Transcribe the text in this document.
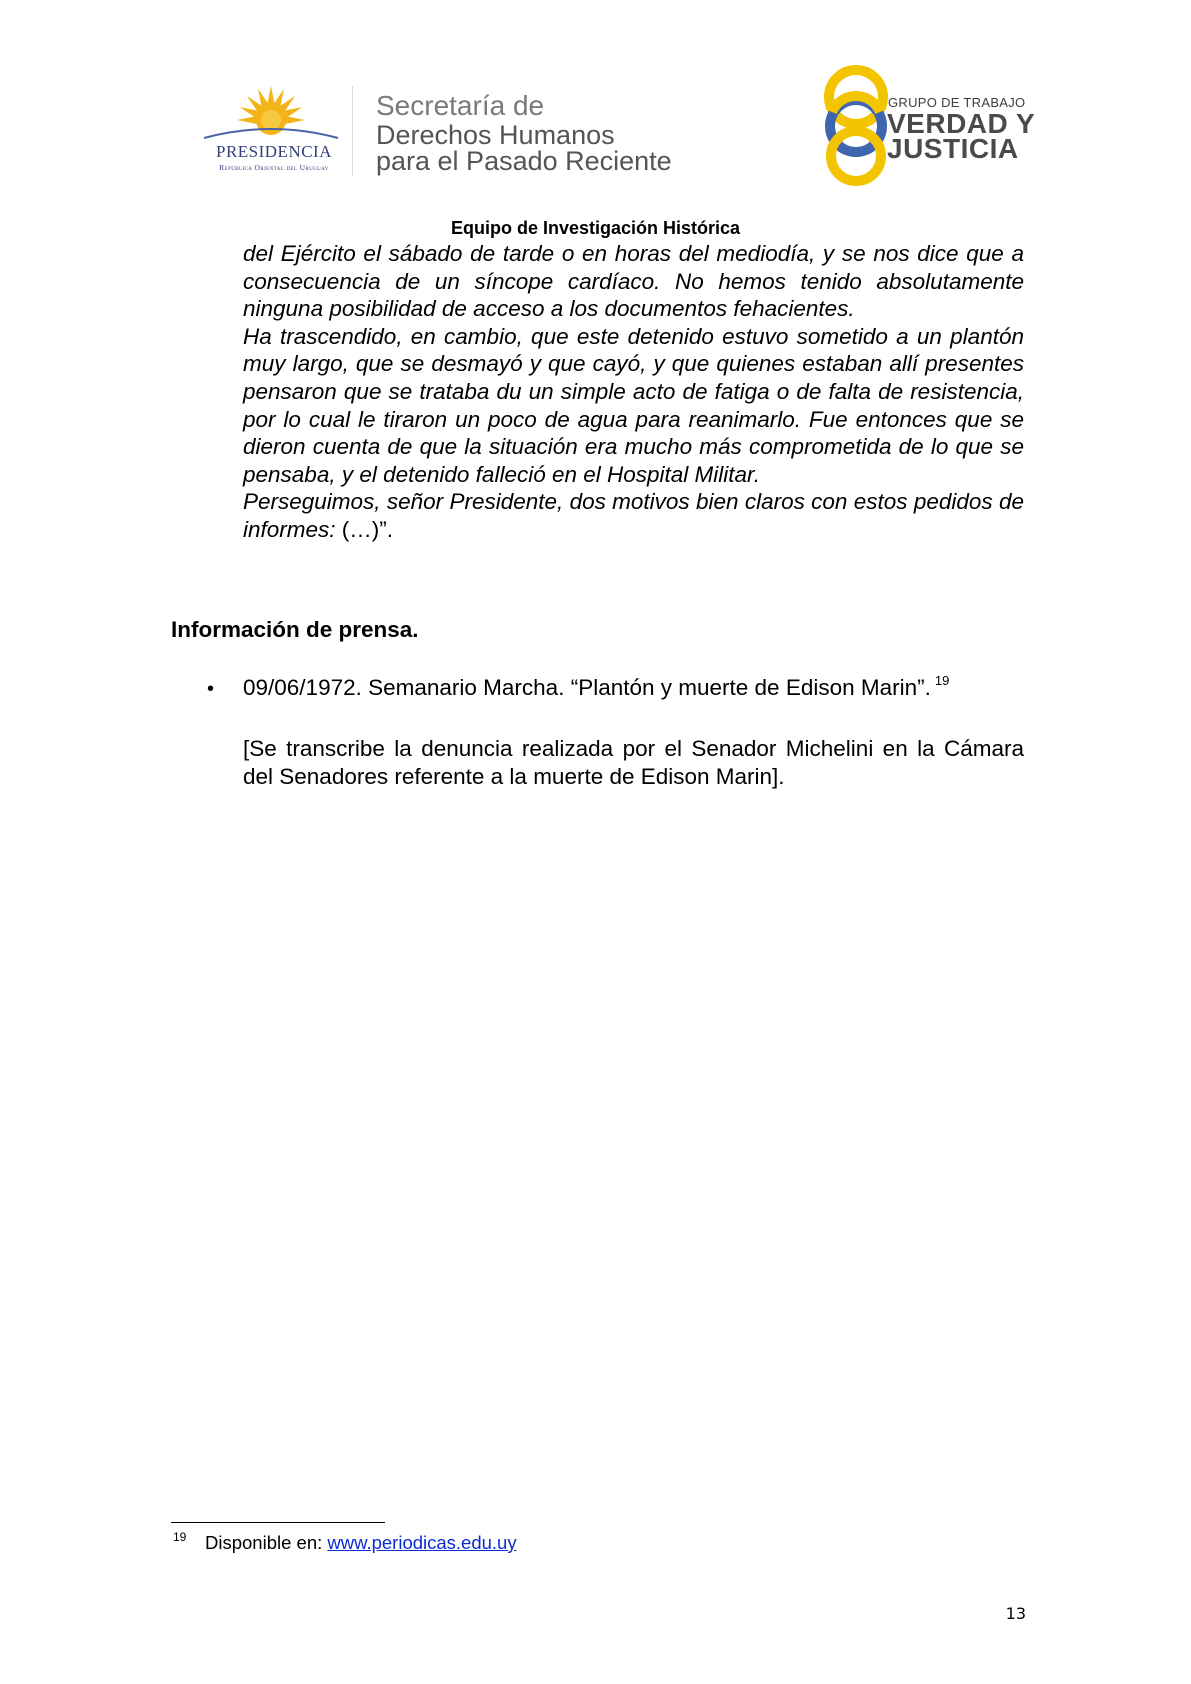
PRESIDENCIA
República Oriental del Uruguay
Secretaría de
Derechos Humanos
para el Pasado Reciente
GRUPO DE TRABAJO
VERDAD Y
JUSTICIA
Equipo de Investigación Histórica

del Ejército el sábado de tarde o en horas del mediodía, y se nos dice que a consecuencia de un síncope cardíaco. No hemos tenido absolutamente ninguna posibilidad de acceso a los documentos fehacientes.

Ha trascendido, en cambio, que este detenido estuvo sometido a un plantón muy largo, que se desmayó y que cayó, y que quienes estaban allí presentes pensaron que se trataba du un simple acto de fatiga o de falta de resistencia, por lo cual le tiraron un poco de agua para reanimarlo. Fue entonces que se dieron cuenta de que la situación era mucho más comprometida de lo que se pensaba, y el detenido falleció en el Hospital Militar.

Perseguimos, señor Presidente, dos motivos bien claros con estos pedidos de informes: (…)”.

Información de prensa.
• 09/06/1972. Semanario Marcha. “Plantón y muerte de Edison Marin”. $^{19}$
[Se transcribe la denuncia realizada por el Senador Michelini en la Cámara del Senadores referente a la muerte de Edison Marin].
19 Disponible en: www.periodicas.edu.uy
13
